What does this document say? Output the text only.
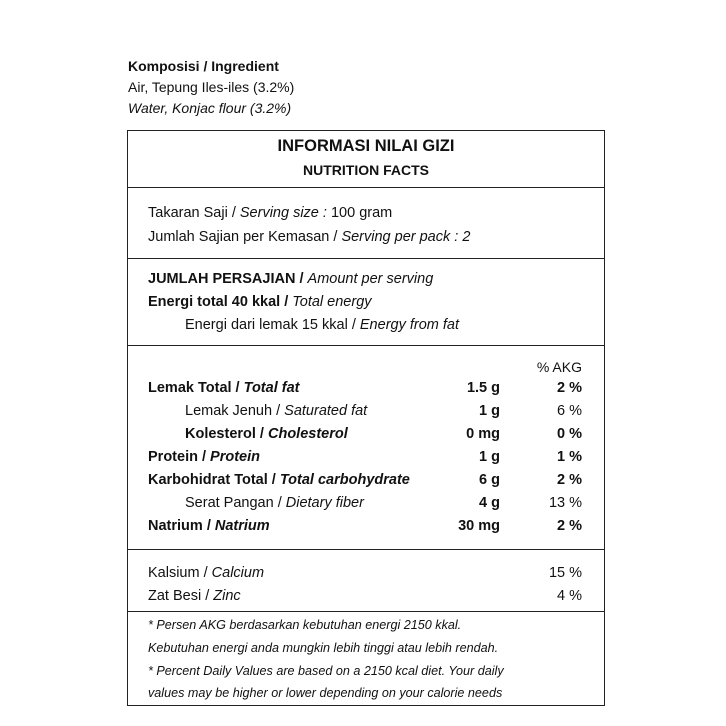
Komposisi / Ingredient
Air, Tepung Iles-iles (3.2%)
Water, Konjac flour (3.2%)
INFORMASI NILAI GIZI
NUTRITION FACTS
Takaran Saji / Serving size : 100 gram
Jumlah Sajian per Kemasan / Serving per pack : 2
JUMLAH PERSAJIAN / Amount per serving
Energi total 40 kkal / Total energy
Energi dari lemak 15 kkal / Energy from fat
% AKG
Lemak Total / Total fat	1.5 g	2 %
Lemak Jenuh / Saturated fat	1 g	6 %
Kolesterol / Cholesterol	0 mg	0 %
Protein / Protein	1 g	1 %
Karbohidrat Total / Total carbohydrate	6 g	2 %
Serat Pangan / Dietary fiber	4 g	13 %
Natrium / Natrium	30 mg	2 %
Kalsium / Calcium	15 %
Zat Besi / Zinc	4 %
* Persen AKG berdasarkan kebutuhan energi 2150 kkal.
Kebutuhan energi anda mungkin lebih tinggi atau lebih rendah.
* Percent Daily Values are based on a 2150 kcal diet. Your daily
values may be higher or lower depending on your calorie needs
